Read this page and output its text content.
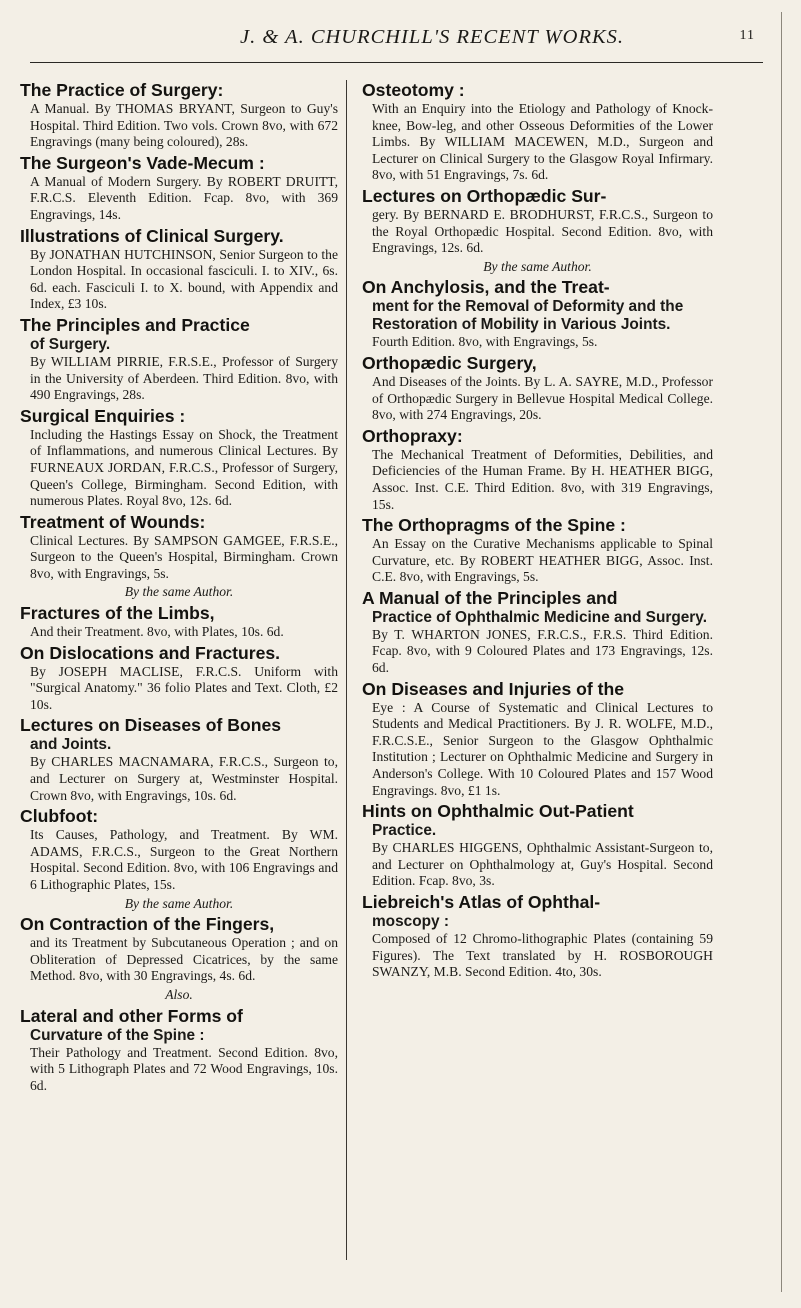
J. & A. CHURCHILL'S RECENT WORKS.	11

The Practice of Surgery:

A Manual. By THOMAS BRYANT, Surgeon to Guy's Hospital. Third Edition. Two vols. Crown 8vo, with 672 Engravings (many being coloured), 28s.

The Surgeon's Vade-Mecum :

A Manual of Modern Surgery. By ROBERT DRUITT, F.R.C.S. Eleventh Edition. Fcap. 8vo, with 369 Engravings, 14s.

Illustrations of Clinical Surgery.

By JONATHAN HUTCHINSON, Senior Surgeon to the London Hospital. In occasional fasciculi. I. to XIV., 6s. 6d. each. Fasciculi I. to X. bound, with Appendix and Index, £3 10s.

The Principles and Practice

of Surgery.

By WILLIAM PIRRIE, F.R.S.E., Professor of Surgery in the University of Aberdeen. Third Edition. 8vo, with 490 Engravings, 28s.

Surgical Enquiries :

Including the Hastings Essay on Shock, the Treatment of Inflammations, and numerous Clinical Lectures. By FURNEAUX JORDAN, F.R.C.S., Professor of Surgery, Queen's College, Birmingham. Second Edition, with numerous Plates. Royal 8vo, 12s. 6d.

Treatment of Wounds:

Clinical Lectures. By SAMPSON GAMGEE, F.R.S.E., Surgeon to the Queen's Hospital, Birmingham. Crown 8vo, with Engravings, 5s.

By the same Author.

Fractures of the Limbs,

And their Treatment. 8vo, with Plates, 10s. 6d.

On Dislocations and Fractures.

By JOSEPH MACLISE, F.R.C.S. Uniform with "Surgical Anatomy." 36 folio Plates and Text. Cloth, £2 10s.

Lectures on Diseases of Bones

and Joints.

By CHARLES MACNAMARA, F.R.C.S., Surgeon to, and Lecturer on Surgery at, Westminster Hospital. Crown 8vo, with Engravings, 10s. 6d.

Clubfoot:

Its Causes, Pathology, and Treatment. By WM. ADAMS, F.R.C.S., Surgeon to the Great Northern Hospital. Second Edition. 8vo, with 106 Engravings and 6 Lithographic Plates, 15s.

By the same Author.

On Contraction of the Fingers,

and its Treatment by Subcutaneous Operation ; and on Obliteration of Depressed Cicatrices, by the same Method. 8vo, with 30 Engravings, 4s. 6d.

Also.

Lateral and other Forms of

Curvature of the Spine :

Their Pathology and Treatment. Second Edition. 8vo, with 5 Lithograph Plates and 72 Wood Engravings, 10s. 6d.

Osteotomy :

With an Enquiry into the Etiology and Pathology of Knock-knee, Bow-leg, and other Osseous Deformities of the Lower Limbs. By WILLIAM MACEWEN, M.D., Surgeon and Lecturer on Clinical Surgery to the Glasgow Royal Infirmary. 8vo, with 51 Engravings, 7s. 6d.

Lectures on Orthopædic Sur-

gery. By BERNARD E. BRODHURST, F.R.C.S., Surgeon to the Royal Orthopædic Hospital. Second Edition. 8vo, with Engravings, 12s. 6d.

By the same Author.

On Anchylosis, and the Treat-

ment for the Removal of Deformity and the Restoration of Mobility in Various Joints.

Fourth Edition. 8vo, with Engravings, 5s.

Orthopædic Surgery,

And Diseases of the Joints. By L. A. SAYRE, M.D., Professor of Orthopædic Surgery in Bellevue Hospital Medical College. 8vo, with 274 Engravings, 20s.

Orthopraxy:

The Mechanical Treatment of Deformities, Debilities, and Deficiencies of the Human Frame. By H. HEATHER BIGG, Assoc. Inst. C.E. Third Edition. 8vo, with 319 Engravings, 15s.

The Orthopragms of the Spine :

An Essay on the Curative Mechanisms applicable to Spinal Curvature, etc. By ROBERT HEATHER BIGG, Assoc. Inst. C.E. 8vo, with Engravings, 5s.

A Manual of the Principles and

Practice of Ophthalmic Medicine and Surgery.

By T. WHARTON JONES, F.R.C.S., F.R.S. Third Edition. Fcap. 8vo, with 9 Coloured Plates and 173 Engravings, 12s. 6d.

On Diseases and Injuries of the

Eye : A Course of Systematic and Clinical Lectures to Students and Medical Practitioners. By J. R. WOLFE, M.D., F.R.C.S.E., Senior Surgeon to the Glasgow Ophthalmic Institution ; Lecturer on Ophthalmic Medicine and Surgery in Anderson's College. With 10 Coloured Plates and 157 Wood Engravings. 8vo, £1 1s.

Hints on Ophthalmic Out-Patient

Practice.

By CHARLES HIGGENS, Ophthalmic Assistant-Surgeon to, and Lecturer on Ophthalmology at, Guy's Hospital. Second Edition. Fcap. 8vo, 3s.

Liebreich's Atlas of Ophthal-

moscopy :

Composed of 12 Chromo-lithographic Plates (containing 59 Figures). The Text translated by H. ROSBOROUGH SWANZY, M.B. Second Edition. 4to, 30s.
